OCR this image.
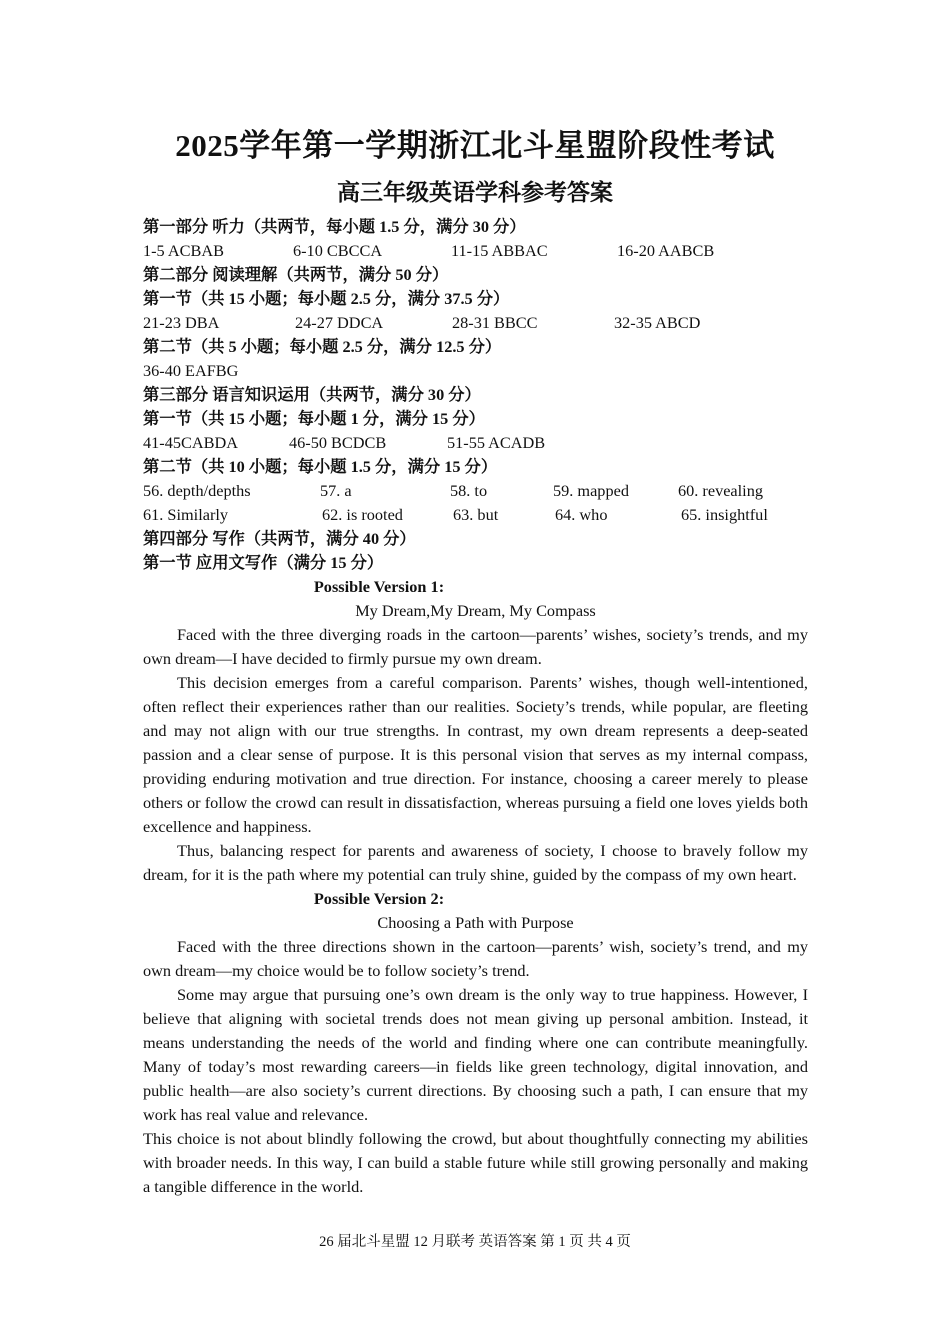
2025学年第一学期浙江北斗星盟阶段性考试
高三年级英语学科参考答案
第一部分 听力（共两节，每小题 1.5 分，满分 30 分）
1-5 ACBAB	6-10 CBCCA	11-15 ABBAC	16-20 AABCB
第二部分 阅读理解（共两节，满分 50 分）
第一节（共 15 小题；每小题 2.5 分，满分 37.5 分）
21-23 DBA	24-27 DDCA	28-31 BBCC	32-35 ABCD
第二节（共 5 小题；每小题 2.5 分，满分 12.5 分）
36-40 EAFBG
第三部分 语言知识运用（共两节，满分 30 分）
第一节（共 15 小题；每小题 1 分，满分 15 分）
41-45CABDA	46-50 BCDCB	51-55 ACADB
第二节（共 10 小题；每小题 1.5 分，满分 15 分）
56. depth/depths	57. a	58. to	59. mapped	60. revealing
61. Similarly	62. is rooted	63. but	64. who	65. insightful
第四部分 写作（共两节，满分 40 分）
第一节 应用文写作（满分 15 分）
Possible Version 1:
My Dream,My Dream, My Compass

Faced with the three diverging roads in the cartoon—parents’ wishes, society’s trends, and my own dream—I have decided to firmly pursue my own dream.

This decision emerges from a careful comparison. Parents’ wishes, though well-intentioned, often reflect their experiences rather than our realities. Society’s trends, while popular, are fleeting and may not align with our true strengths. In contrast, my own dream represents a deep-seated passion and a clear sense of purpose. It is this personal vision that serves as my internal compass, providing enduring motivation and true direction. For instance, choosing a career merely to please others or follow the crowd can result in dissatisfaction, whereas pursuing a field one loves yields both excellence and happiness.

Thus, balancing respect for parents and awareness of society, I choose to bravely follow my dream, for it is the path where my potential can truly shine, guided by the compass of my own heart.

Possible Version 2:
Choosing a Path with Purpose

Faced with the three directions shown in the cartoon—parents’ wish, society’s trend, and my own dream—my choice would be to follow society’s trend.

Some may argue that pursuing one’s own dream is the only way to true happiness. However, I believe that aligning with societal trends does not mean giving up personal ambition. Instead, it means understanding the needs of the world and finding where one can contribute meaningfully. Many of today’s most rewarding careers—in fields like green technology, digital innovation, and public health—are also society’s current directions. By choosing such a path, I can ensure that my work has real value and relevance.

This choice is not about blindly following the crowd, but about thoughtfully connecting my abilities with broader needs. In this way, I can build a stable future while still growing personally and making a tangible difference in the world.

26 届北斗星盟 12 月联考 英语答案 第 1 页 共 4 页
